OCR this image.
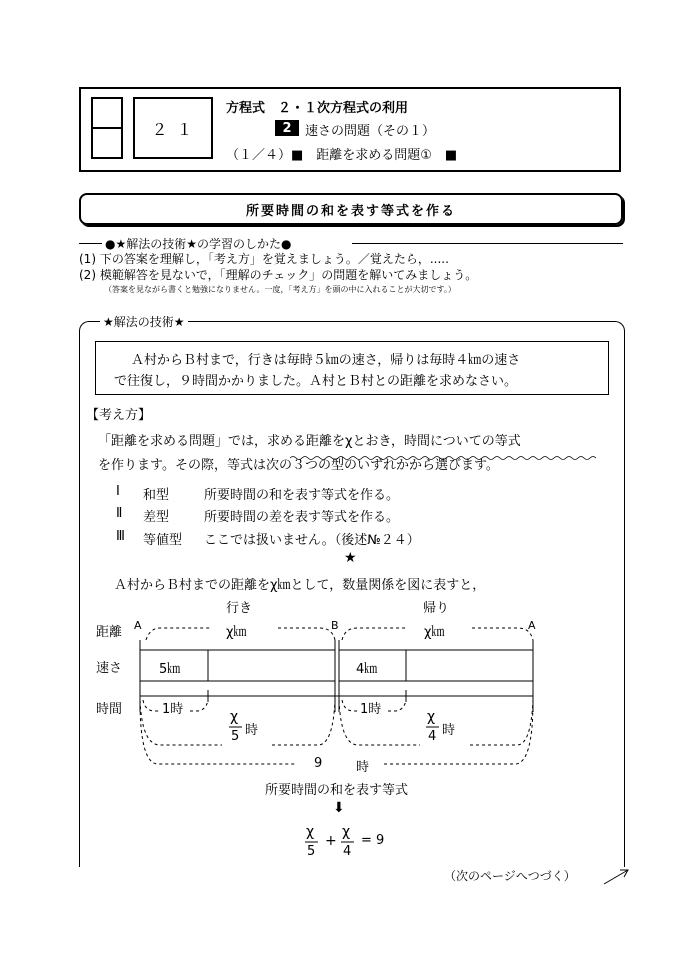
２ １
方程式　２・１次方程式の利用
2 速さの問題（その１）
（１／４）■　距離を求める問題①　■
所要時間の和を表す等式を作る
●★解法の技術★の学習のしかた●
(1) 下の答案を理解し，「考え方」を覚えましょう。／覚えたら，.....
(2) 模範解答を見ないで，「理解のチェック」の問題を解いてみましょう。
（答案を見ながら書くと勉強になりません。一度，「考え方」を頭の中に入れることが大切です。）
★解法の技術★
Ａ村からＢ村まで，行きは毎時５㎞の速さ，帰りは毎時４㎞の速さ
で往復し，９時間かかりました。Ａ村とＢ村との距離を求めなさい。
【考え方】
「距離を求める問題」では，求める距離をχとおき，時間についての等式
を作ります。その際，等式は次の３つの型のいずれかから選びます。
Ⅰ 和型	所要時間の和を表す等式を作る。
Ⅱ 差型	所要時間の差を表す等式を作る。
Ⅲ 等値型 ここでは扱いません。（後述№２４）
★
Ａ村からＢ村までの距離をχ㎞として，数量関係を図に表すと，
行き	帰り
距離
速さ
時間
A	B	A
χ㎞	χ㎞
5㎞	4㎞
1時	1時
χ
5 時
χ
4 時
9	時
所要時間の和を表す等式
⬇
χ
5
+
χ
4
= 9
（次のページへつづく）
